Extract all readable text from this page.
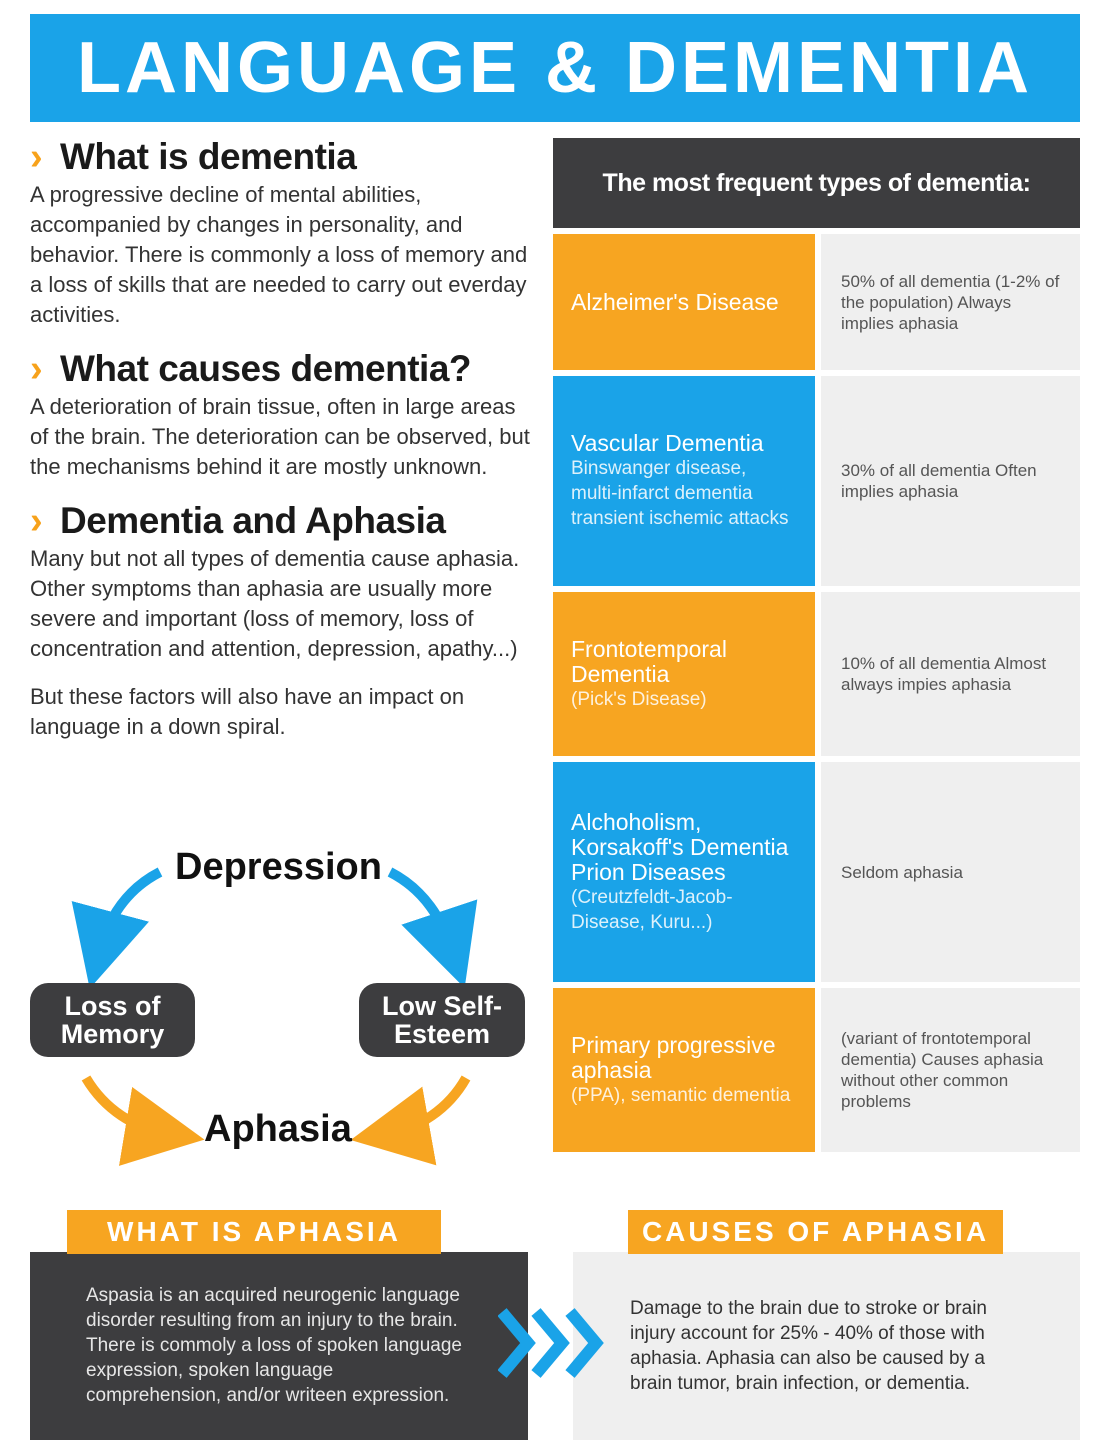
LANGUAGE & DEMENTIA
› What is dementia
A progressive decline of mental abilities, accompanied by changes in personality, and behavior. There is commonly a loss of memory and a loss of skills that are needed to carry out everday activities.
› What causes dementia?
A deterioration of brain tissue, often in large areas of the brain. The deterioration can be observed, but the mechanisms behind it are mostly unknown.
› Dementia and Aphasia
Many but not all types of dementia cause aphasia. Other symptoms than aphasia are usually more severe and important (loss of memory, loss of concentration and attention, depression, apathy...)
But these factors will also have an impact on language in a down spiral.
Depression
Loss of Memory
Low Self-Esteem
Aphasia
The most frequent types of dementia:
Alzheimer's Disease
50% of all dementia (1-2% of the population) Always implies aphasia
Vascular Dementia
Binswanger disease, multi-infarct dementia transient ischemic attacks
30% of all dementia Often implies aphasia
Frontotemporal Dementia
(Pick's Disease)
10% of all dementia Almost always impies aphasia
Alchoholism, Korsakoff's Dementia Prion Diseases
(Creutzfeldt-Jacob-Disease, Kuru...)
Seldom aphasia
Primary progressive aphasia
(PPA), semantic dementia
(variant of frontotemporal dementia) Causes aphasia without other common problems
Aspasia is an acquired neurogenic language disorder resulting from an injury to the brain. There is commoly a loss of spoken language expression, spoken language comprehension, and/or writeen expression.
WHAT IS APHASIA
Damage to the brain due to stroke or brain injury account for 25% - 40% of those with aphasia. Aphasia can also be caused by a brain tumor, brain infection, or dementia.
CAUSES OF APHASIA
